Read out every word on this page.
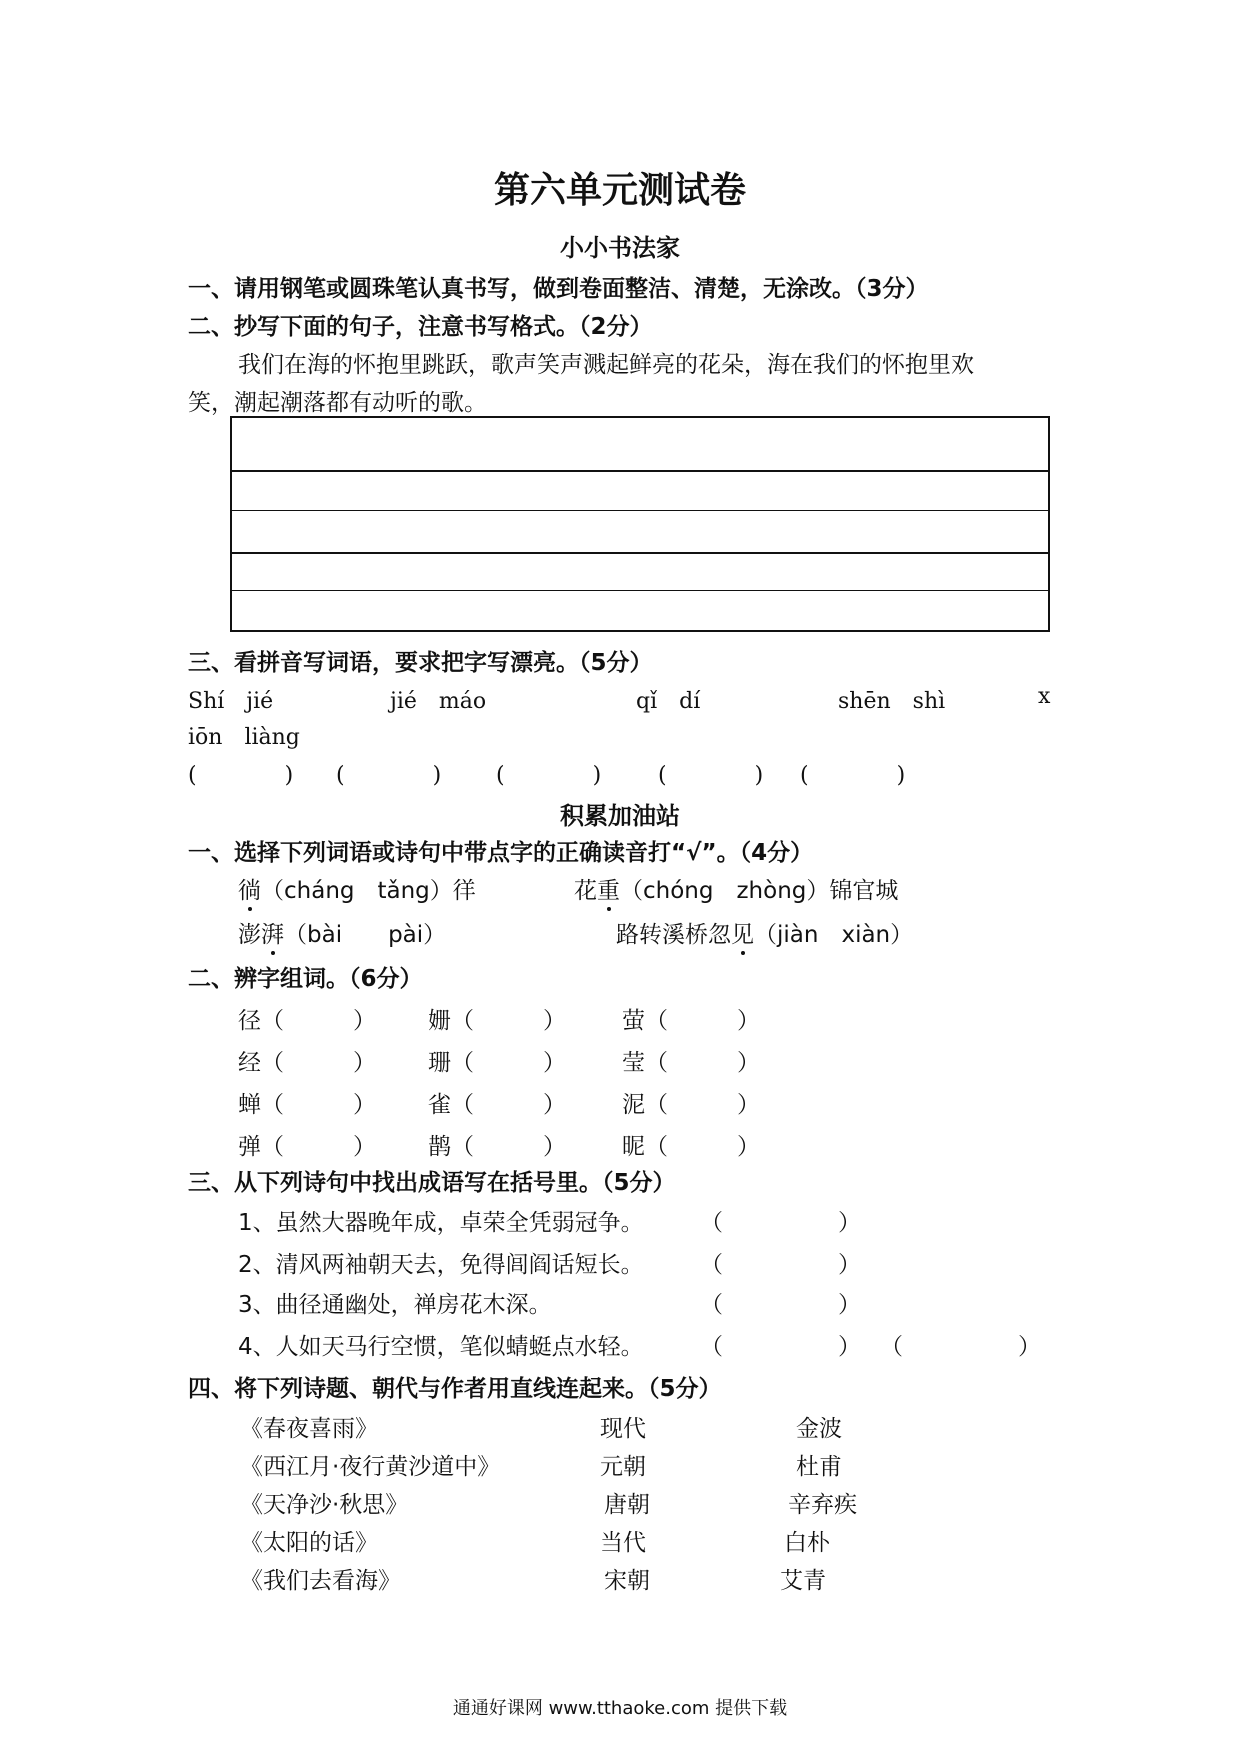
第六单元测试卷
小小书法家
一、请用钢笔或圆珠笔认真书写，做到卷面整洁、清楚，无涂改。（3分）
二、抄写下面的句子，注意书写格式。（2分）
我们在海的怀抱里跳跃，歌声笑声溅起鲜亮的花朵，海在我们的怀抱里欢
笑，潮起潮落都有动听的歌。
三、看拼音写词语，要求把字写漂亮。（5分）
Shí　jié	jié　máo	qǐ　dí	shēn　shì	x
iōn　liàng
(　　　　) (　　　　) (　　　　)	(　　　　) (　　　　)
积累加油站
一、选择下列词语或诗句中带点字的正确读音打“√”。（4分）
徜（cháng　tǎng）徉	花重（chóng　zhòng）锦官城
澎湃（bài　　pài）	路转溪桥忽见（jiàn　xiàn）
二、辨字组词。（6分）
径（　　　） 姗（　　　） 萤（　　　）
经（　　　） 珊（　　　） 莹（　　　）
蝉（　　　） 雀（　　　） 泥（　　　）
弹（　　　） 鹊（　　　） 昵（　　　）
三、从下列诗句中找出成语写在括号里。（5分）
1、虽然大器晚年成，卓荣全凭弱冠争。 （　　　　　）
2、清风两袖朝天去，免得闾阎话短长。 （　　　　　）
3、曲径通幽处，禅房花木深。	（　　　　　）
4、人如天马行空惯，笔似蜻蜓点水轻。 （　　　　　） （　　　　　）
四、将下列诗题、朝代与作者用直线连起来。（5分）
《春夜喜雨》	现代	金波
《西江月·夜行黄沙道中》	元朝	杜甫
《天净沙·秋思》	唐朝	辛弃疾
《太阳的话》	当代	白朴
《我们去看海》	宋朝	艾青
通通好课网 www.tthaoke.com 提供下载
